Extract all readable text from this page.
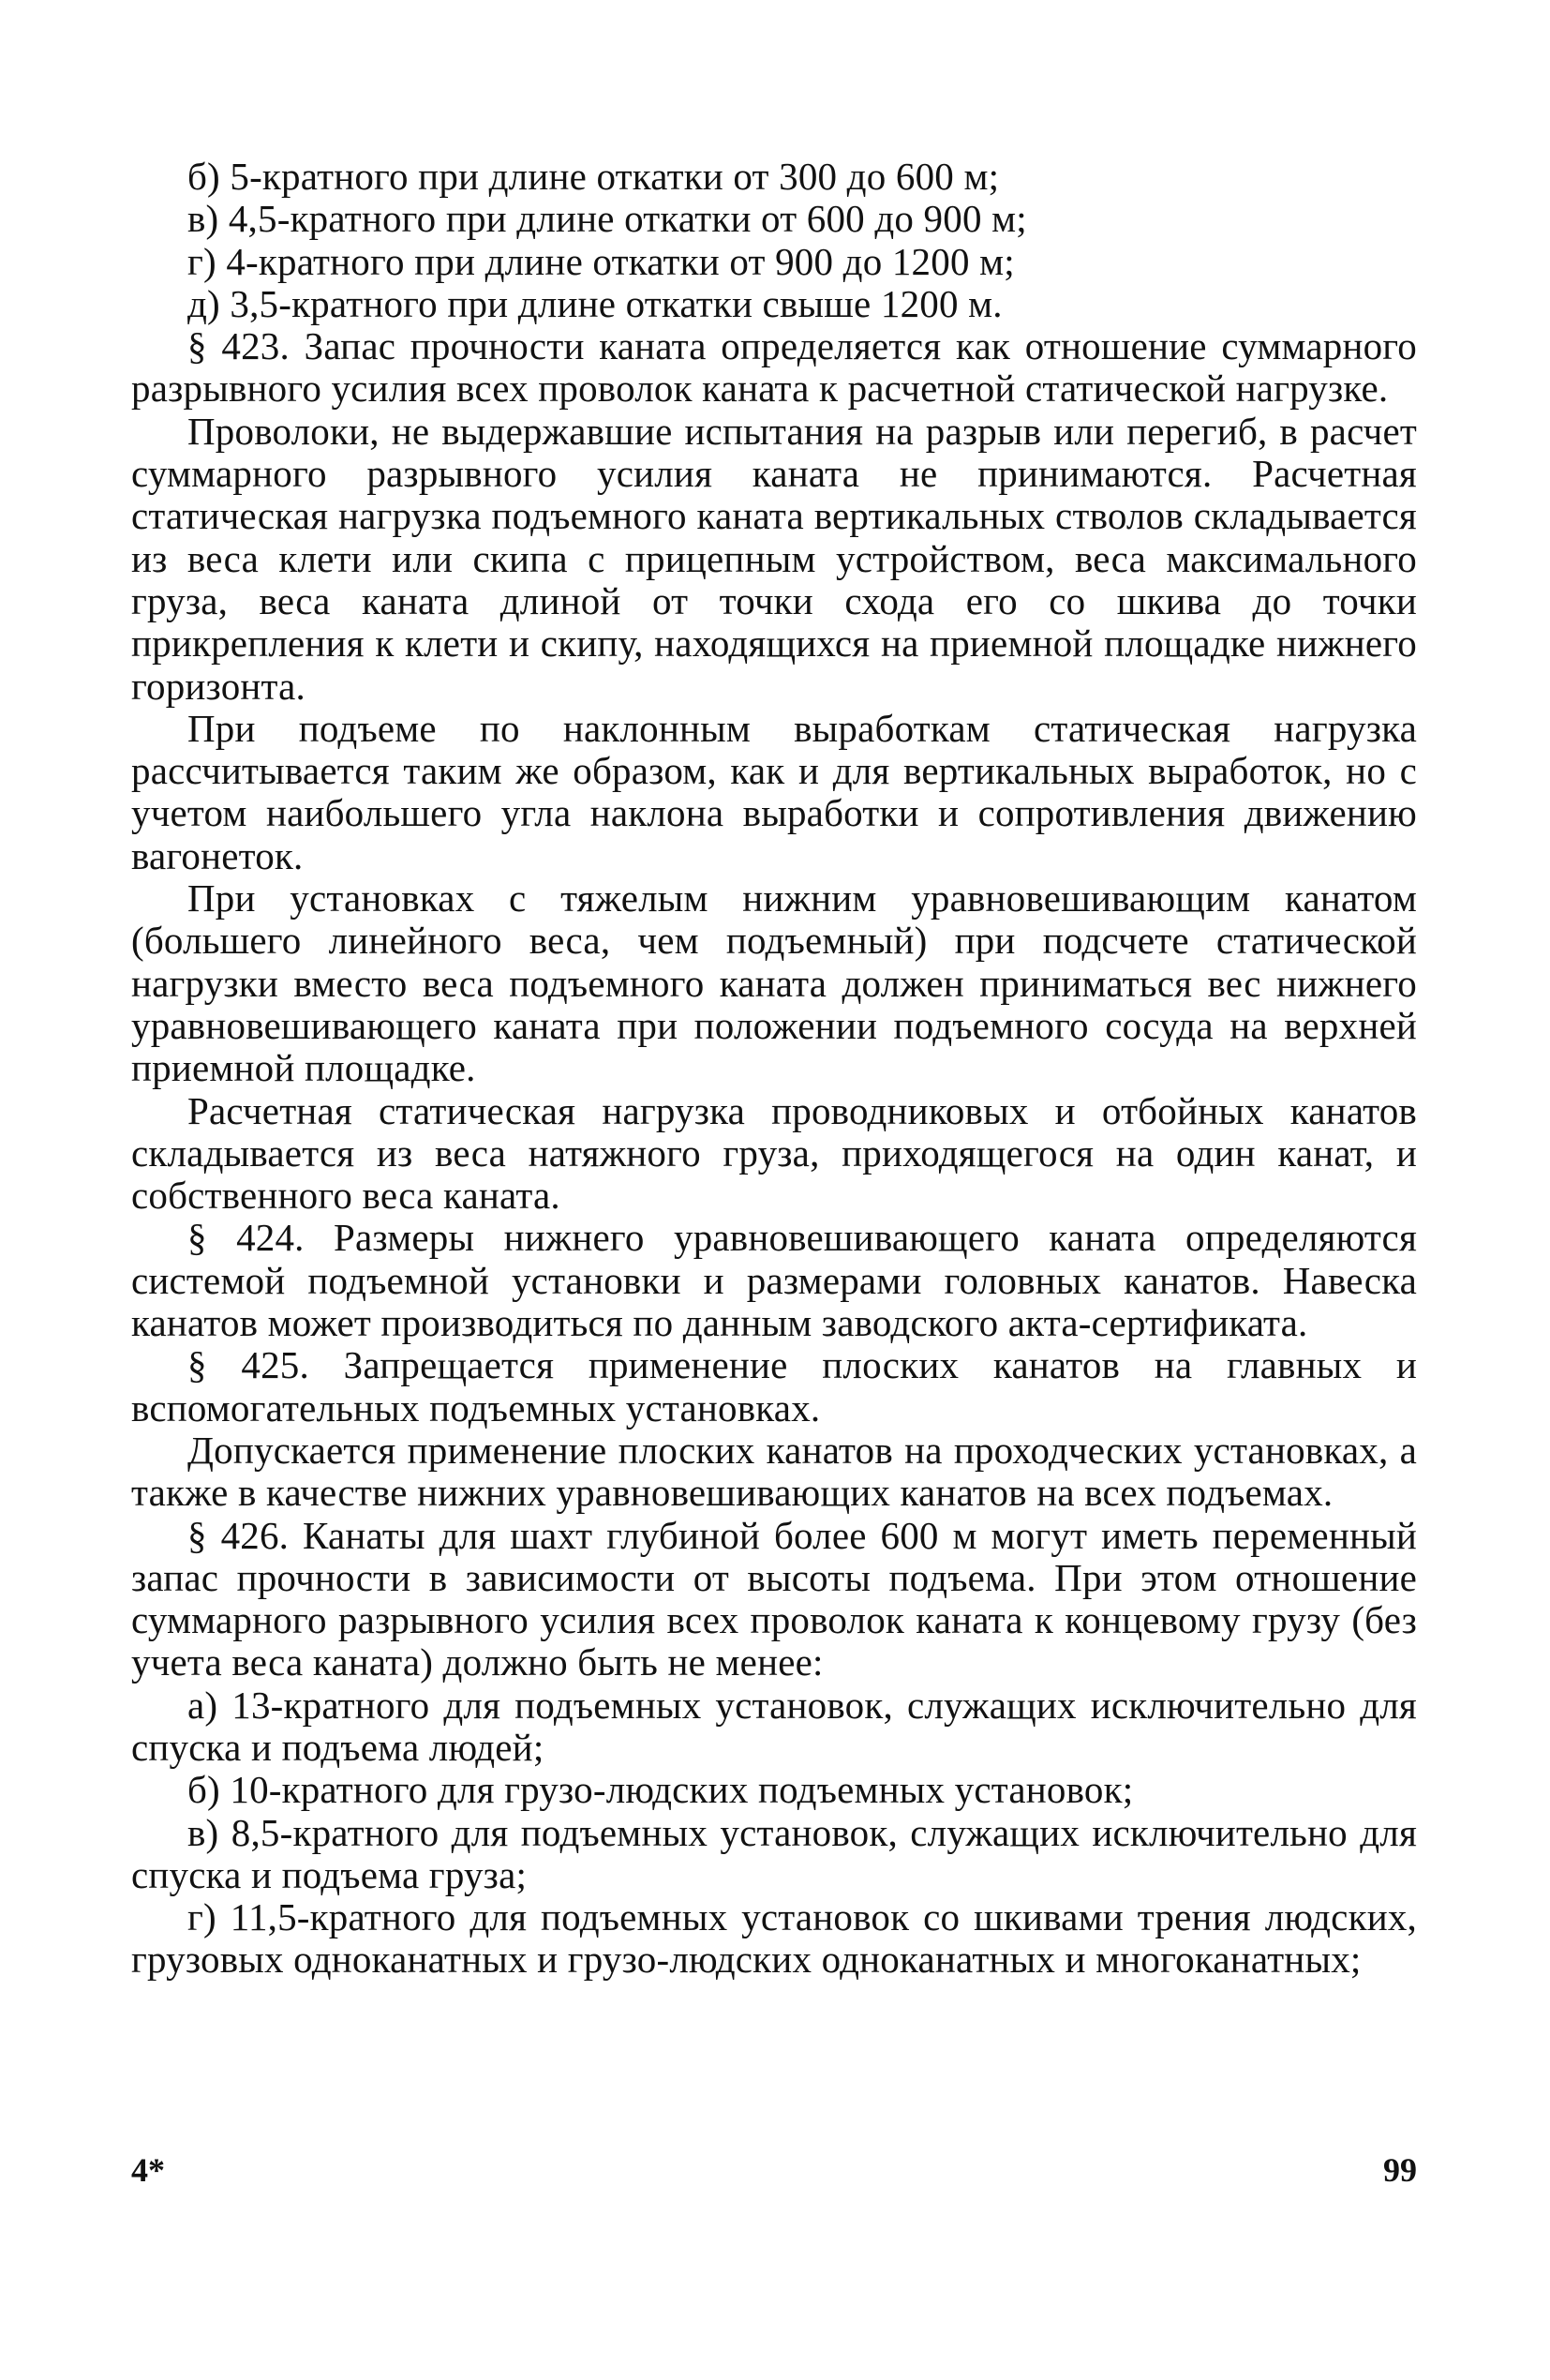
б) 5-кратного при длине откатки от 300 до 600 м;

в) 4,5-кратного при длине откатки от 600 до 900 м;

г) 4-кратного при длине откатки от 900 до 1200 м;

д) 3,5-кратного при длине откатки свыше 1200 м.

§ 423. Запас прочности каната определяется как отношение суммарного разрывного усилия всех проволок каната к расчетной статической нагрузке.

Проволоки, не выдержавшие испытания на разрыв или перегиб, в расчет суммарного разрывного усилия каната не принимаются. Расчетная статическая нагрузка подъемного каната вертикальных стволов складывается из веса клети или скипа с прицепным устройством, веса максимального груза, веса каната длиной от точки схода его со шкива до точки прикрепления к клети и скипу, находящихся на приемной площадке нижнего горизонта.

При подъеме по наклонным выработкам статическая нагрузка рассчитывается таким же образом, как и для вертикальных выработок, но с учетом наибольшего угла наклона выработки и сопротивления движению вагонеток.

При установках с тяжелым нижним уравновешивающим канатом (большего линейного веса, чем подъемный) при подсчете статической нагрузки вместо веса подъемного каната должен приниматься вес нижнего уравновешивающего каната при положении подъемного сосуда на верхней приемной площадке.

Расчетная статическая нагрузка проводниковых и отбойных канатов складывается из веса натяжного груза, приходящегося на один канат, и собственного веса каната.

§ 424. Размеры нижнего уравновешивающего каната определяются системой подъемной установки и размерами головных канатов. Навеска канатов может производиться по данным заводского акта-сертификата.

§ 425. Запрещается применение плоских канатов на главных и вспомогательных подъемных установках.

Допускается применение плоских канатов на проходческих установках, а также в качестве нижних уравновешивающих канатов на всех подъемах.

§ 426. Канаты для шахт глубиной более 600 м могут иметь переменный запас прочности в зависимости от высоты подъема. При этом отношение суммарного разрывного усилия всех проволок каната к концевому грузу (без учета веса каната) должно быть не менее:

а) 13-кратного для подъемных установок, служащих исключительно для спуска и подъема людей;

б) 10-кратного для грузо-людских подъемных установок;

в) 8,5-кратного для подъемных установок, служащих исключительно для спуска и подъема груза;

г) 11,5-кратного для подъемных установок со шкивами трения людских, грузовых одноканатных и грузо-людских одноканатных и многоканатных;

4*	99
